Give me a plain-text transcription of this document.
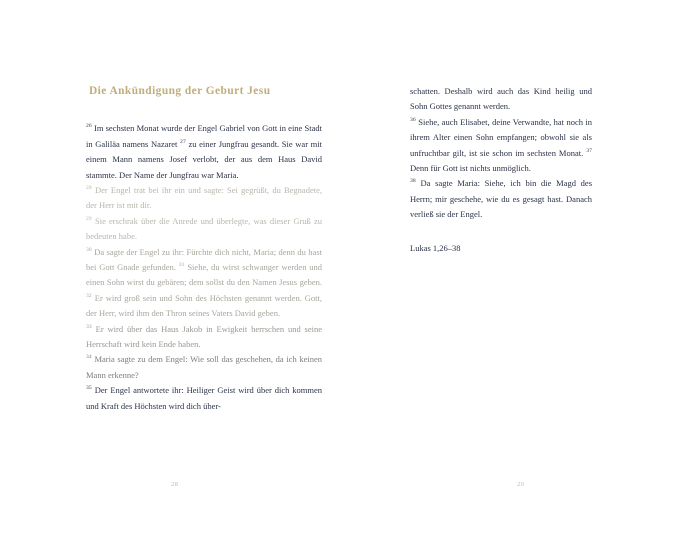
Die Ankündigung der Geburt Jesu

$^{26}$ Im sechsten Monat wurde der Engel Gabriel von Gott in eine Stadt in Galiläa namens Nazaret $^{27}$ zu einer Jungfrau gesandt. Sie war mit einem Mann namens Josef verlobt, der aus dem Haus David stammte. Der Name der Jungfrau war Maria.

$^{28}$ Der Engel trat bei ihr ein und sagte: Sei gegrüßt, du Begnadete, der Herr ist mit dir.

$^{29}$ Sie erschrak über die Anrede und überlegte, was dieser Gruß zu bedeuten habe.

$^{30}$ Da sagte der Engel zu ihr: Fürchte dich nicht, Maria; denn du hast bei Gott Gnade gefunden. $^{31}$ Siehe, du wirst schwanger werden und einen Sohn wirst du gebären; dem sollst du den Namen Jesus geben. $^{32}$ Er wird groß sein und Sohn des Höchsten genannt werden. Gott, der Herr, wird ihm den Thron seines Vaters David geben.

$^{33}$ Er wird über das Haus Jakob in Ewigkeit herrschen und seine Herrschaft wird kein Ende haben.

$^{34}$ Maria sagte zu dem Engel: Wie soll das geschehen, da ich keinen Mann erkenne?

$^{35}$ Der Engel antwortete ihr: Heiliger Geist wird über dich kommen und Kraft des Höchsten wird dich über-

schatten. Deshalb wird auch das Kind heilig und Sohn Gottes genannt werden.

$^{36}$ Siehe, auch Elisabet, deine Verwandte, hat noch in ihrem Alter einen Sohn empfangen; obwohl sie als unfruchtbar gilt, ist sie schon im sechsten Monat. $^{37}$ Denn für Gott ist nichts unmöglich.

$^{38}$ Da sagte Maria: Siehe, ich bin die Magd des Herrn; mir geschehe, wie du es gesagt hast. Danach verließ sie der Engel.

Lukas 1,26–38

28	29
